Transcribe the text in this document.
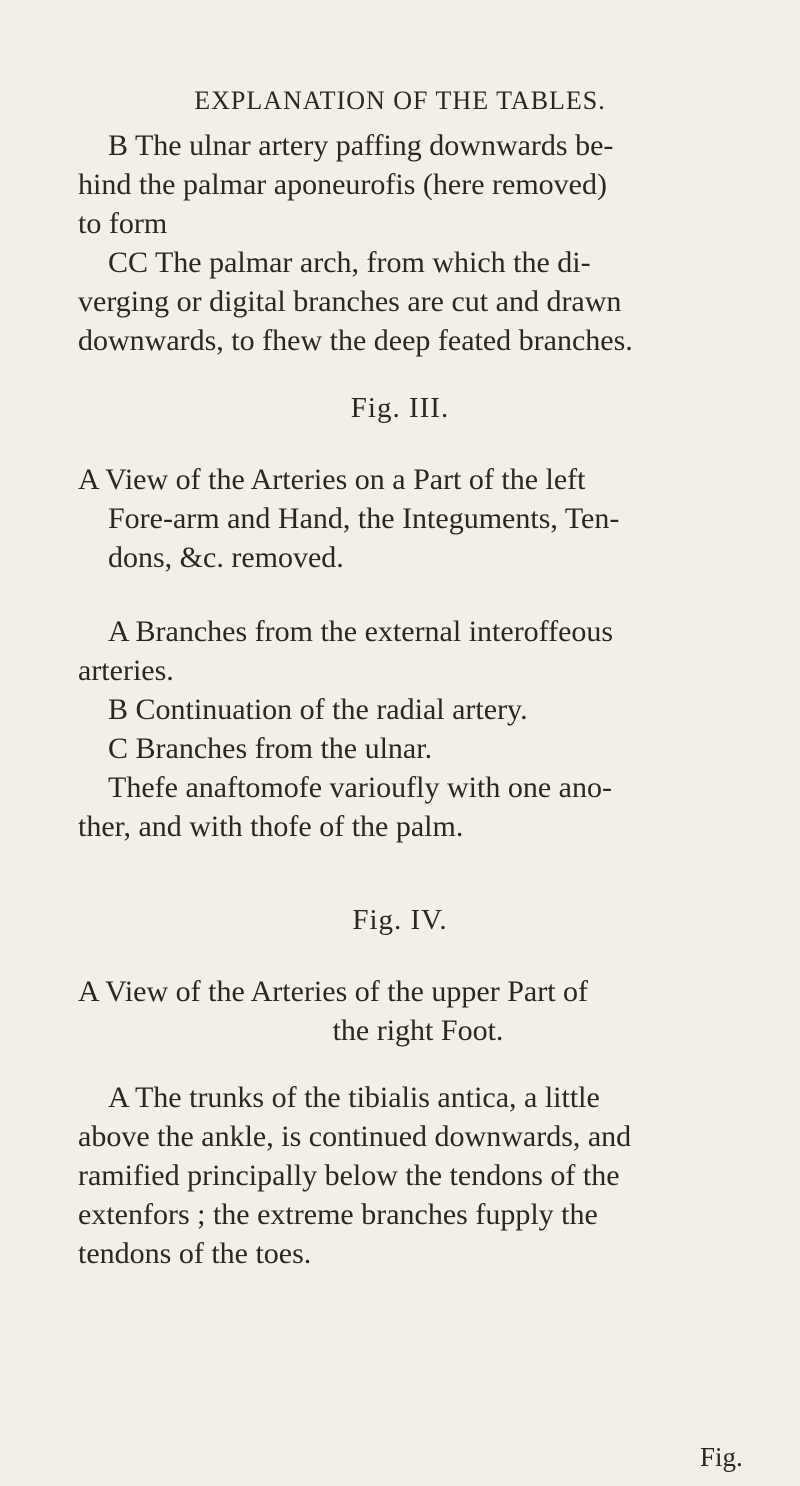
EXPLANATION OF THE TABLES.
B The ulnar artery paffing downwards be-
hind the palmar aponeurofis (here removed)
to form
CC The palmar arch, from which the di-
verging or digital branches are cut and drawn
downwards, to fhew the deep feated branches.
Fig. III.
A View of the Arteries on a Part of the left
Fore-arm and Hand, the Integuments, Ten-
dons, &c. removed.
A Branches from the external interoffeous
arteries.
B Continuation of the radial artery.
C Branches from the ulnar.
Thefe anaftomofe varioufly with one ano-
ther, and with thofe of the palm.
Fig. IV.
A View of the Arteries of the upper Part of
the right Foot.
A The trunks of the tibialis antica, a little
above the ankle, is continued downwards, and
ramified principally below the tendons of the
extenfors ; the extreme branches fupply the
tendons of the toes.
Fig.
